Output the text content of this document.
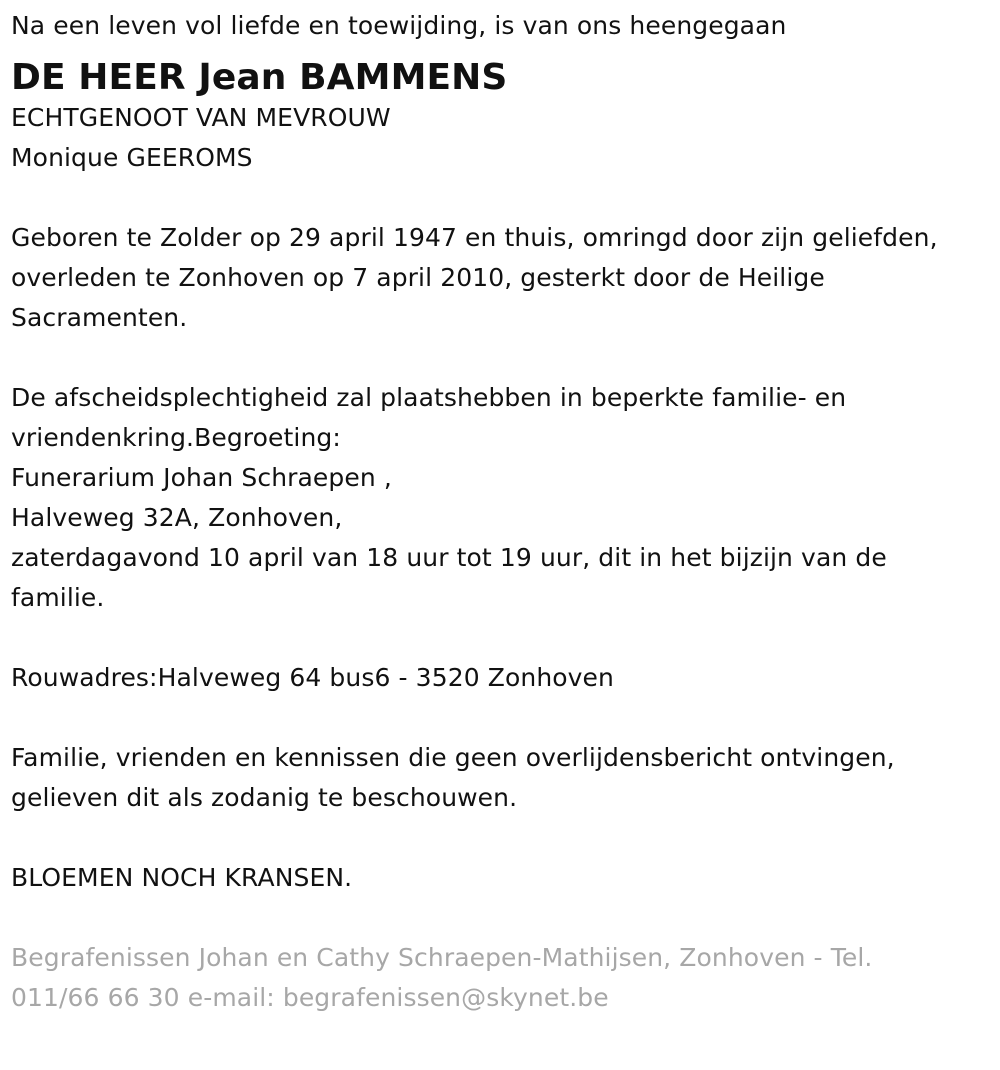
Na een leven vol liefde en toewijding, is van ons heengegaan
DE HEER Jean BAMMENS
ECHTGENOOT VAN MEVROUW
Monique GEEROMS
Geboren te Zolder op 29 april 1947 en thuis, omringd door zijn geliefden,
overleden te Zonhoven op 7 april 2010, gesterkt door de Heilige
Sacramenten.
De afscheidsplechtigheid zal plaatshebben in beperkte familie- en
vriendenkring.Begroeting:
Funerarium Johan Schraepen ,
Halveweg 32A, Zonhoven,
zaterdagavond 10 april van 18 uur tot 19 uur, dit in het bijzijn van de
familie.
Rouwadres:Halveweg 64 bus6 - 3520 Zonhoven
Familie, vrienden en kennissen die geen overlijdensbericht ontvingen,
gelieven dit als zodanig te beschouwen.
BLOEMEN NOCH KRANSEN.
Begrafenissen Johan en Cathy Schraepen-Mathijsen, Zonhoven - Tel.
011/66 66 30 e-mail: begrafenissen@skynet.be
